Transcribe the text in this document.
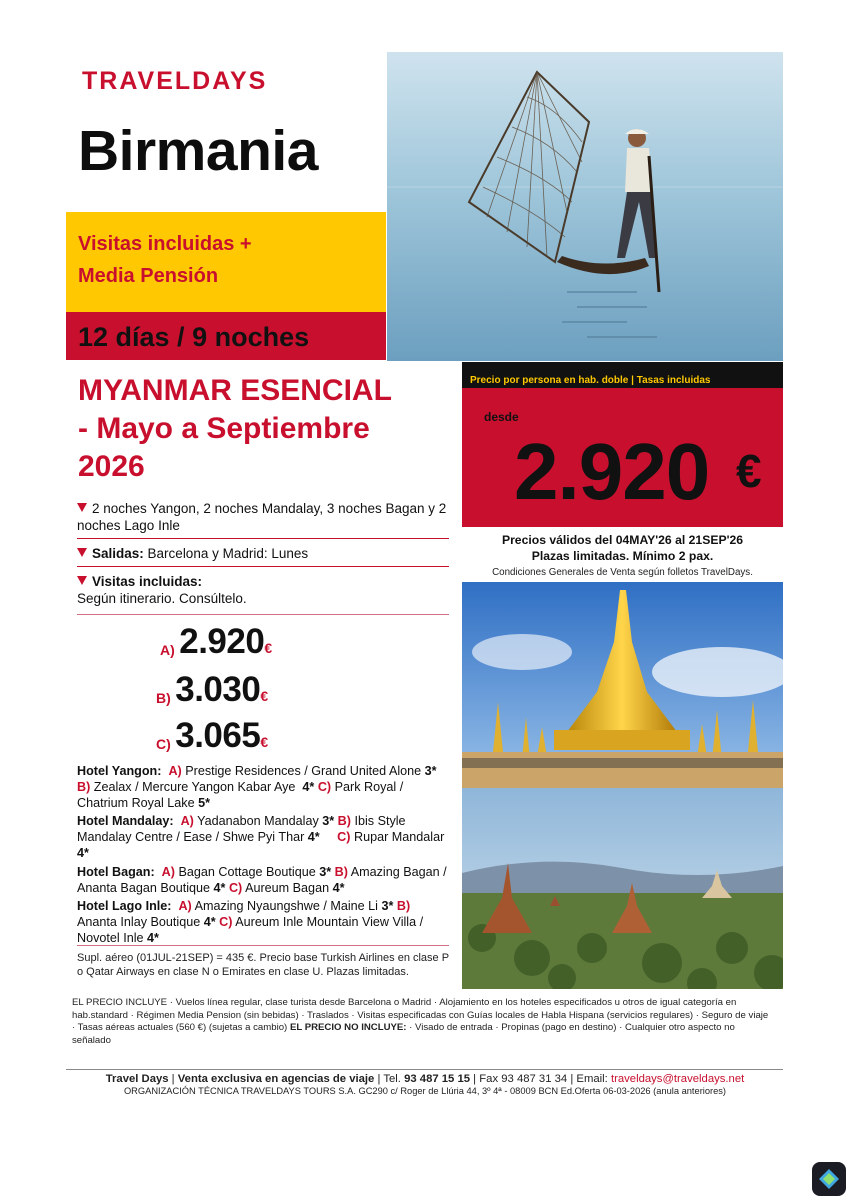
TRAVELDAYS
Birmania
Visitas incluidas +
Media Pensión
12 días / 9 noches
MYANMAR ESENCIAL
- Mayo a Septiembre
2026
2 noches Yangon, 2 noches Mandalay, 3 noches Bagan y 2 noches Lago Inle
Salidas: Barcelona y Madrid: Lunes
Visitas incluidas:
Según itinerario. Consúltelo.
A) 2.920€
B) 3.030€
C) 3.065€

Hotel Yangon: A) Prestige Residences / Grand United Alone 3* B) Zealax / Mercure Yangon Kabar Aye 4* C) Park Royal / Chatrium Royal Lake 5*

Hotel Mandalay: A) Yadanabon Mandalay 3* B) Ibis Style Mandalay Centre / Ease / Shwe Pyi Thar 4* C) Rupar Mandalar  4*

Hotel Bagan: A) Bagan Cottage Boutique 3* B) Amazing Bagan / Ananta Bagan Boutique 4* C) Aureum Bagan 4*

Hotel Lago Inle: A) Amazing Nyaungshwe / Maine Li 3* B) Ananta Inlay Boutique 4* C) Aureum Inle Mountain View Villa / Novotel Inle 4*

Supl. aéreo (01JUL-21SEP) = 435 €. Precio base Turkish Airlines en clase P o Qatar Airways en clase N o Emirates en clase U. Plazas limitadas.
EL PRECIO INCLUYE · Vuelos línea regular, clase turista desde Barcelona o Madrid · Alojamiento en los hoteles especificados u otros de igual categoría en hab.standard · Régimen Media Pension (sin bebidas) · Traslados · Visitas especificadas con Guías locales de Habla Hispana (servicios regulares) · Seguro de viaje · Tasas aéreas actuales (560 €) (sujetas a cambio) EL PRECIO NO INCLUYE: · Visado de entrada · Propinas (pago en destino) · Cualquier otro aspecto no señalado
Precio por persona en hab. doble | Tasas incluidas
desde
2.920 €
Precios válidos del 04MAY'26 al 21SEP'26
Plazas limitadas. Mínimo 2 pax.
Condiciones Generales de Venta según folletos TravelDays.
Travel Days | Venta exclusiva en agencias de viaje | Tel. 93 487 15 15 | Fax 93 487 31 34 | Email: traveldays@traveldays.net
ORGANIZACIÓN TÉCNICA TRAVELDAYS TOURS S.A. GC290 c/ Roger de Llúria 44, 3º 4ª - 08009 BCN Ed.Oferta 06-03-2026 (anula anteriores)
